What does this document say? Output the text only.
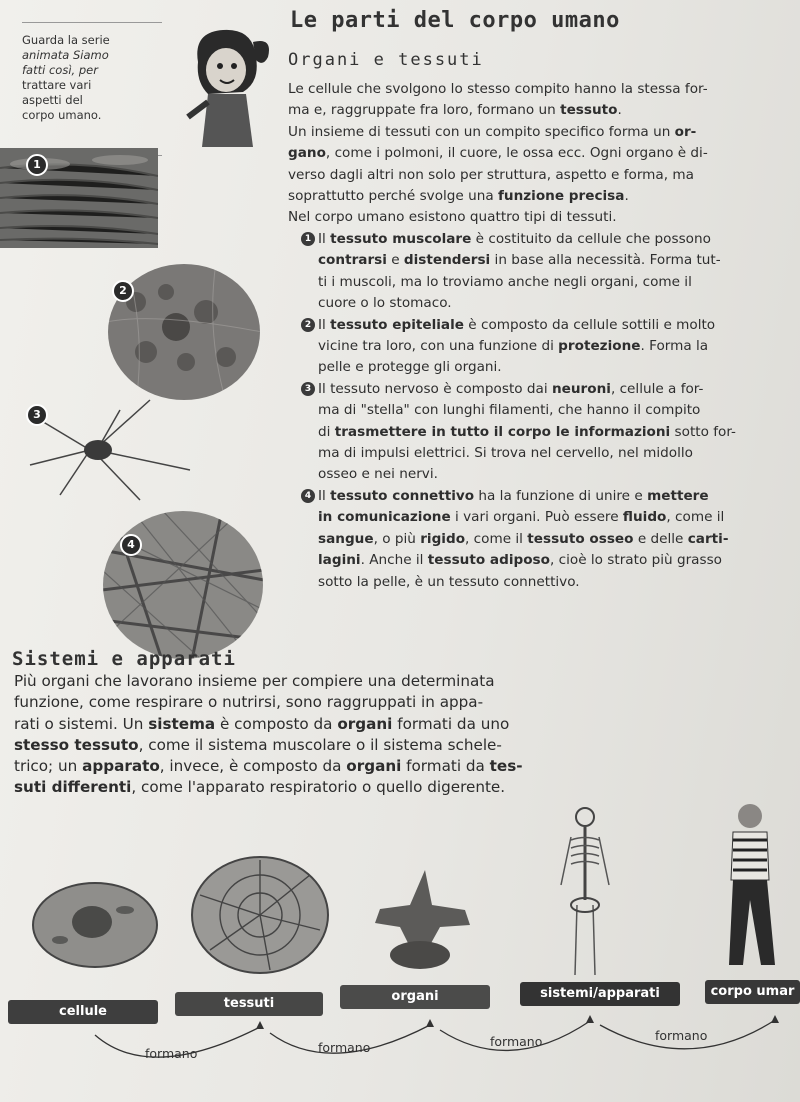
Le parti del corpo umano
Organi e tessuti
Guarda la serie
animata Siamo
fatti così, per
trattare vari
aspetti del
corpo umano.
1
2
3
4

Le cellule che svolgono lo stesso compito hanno la stessa for-

ma e, raggruppate fra loro, formano un tessuto.

Un insieme di tessuti con un compito specifico forma un or-

gano, come i polmoni, il cuore, le ossa ecc. Ogni organo è di-

verso dagli altri non solo per struttura, aspetto e forma, ma

soprattutto perché svolge una funzione precisa.

Nel corpo umano esistono quattro tipi di tessuti.

1 Il tessuto muscolare è costituito da cellule che possono

contrarsi e distendersi in base alla necessità. Forma tut-

ti i muscoli, ma lo troviamo anche negli organi, come il

cuore o lo stomaco.

2 Il tessuto epiteliale è composto da cellule sottili e molto

vicine tra loro, con una funzione di protezione. Forma la

pelle e protegge gli organi.

3 Il tessuto nervoso è composto dai neuroni, cellule a for-

ma di "stella" con lunghi filamenti, che hanno il compito

di trasmettere in tutto il corpo le informazioni sotto for-

ma di impulsi elettrici. Si trova nel cervello, nel midollo

osseo e nei nervi.

4 Il tessuto connettivo ha la funzione di unire e mettere

in comunicazione i vari organi. Può essere fluido, come il

sangue, o più rigido, come il tessuto osseo e delle carti-

lagini. Anche il tessuto adiposo, cioè lo strato più grasso

sotto la pelle, è un tessuto connettivo.

Sistemi e apparati

Più organi che lavorano insieme per compiere una determinata

funzione, come respirare o nutrirsi, sono raggruppati in appa-

rati o sistemi. Un sistema è composto da organi formati da uno

stesso tessuto, come il sistema muscolare o il sistema schele-

trico; un apparato, invece, è composto da organi formati da tes-

suti differenti, come l'apparato respiratorio o quello digerente.

cellule
tessuti	organi	sistemi/apparati	corpo umar
formano	formano	formano	formano
